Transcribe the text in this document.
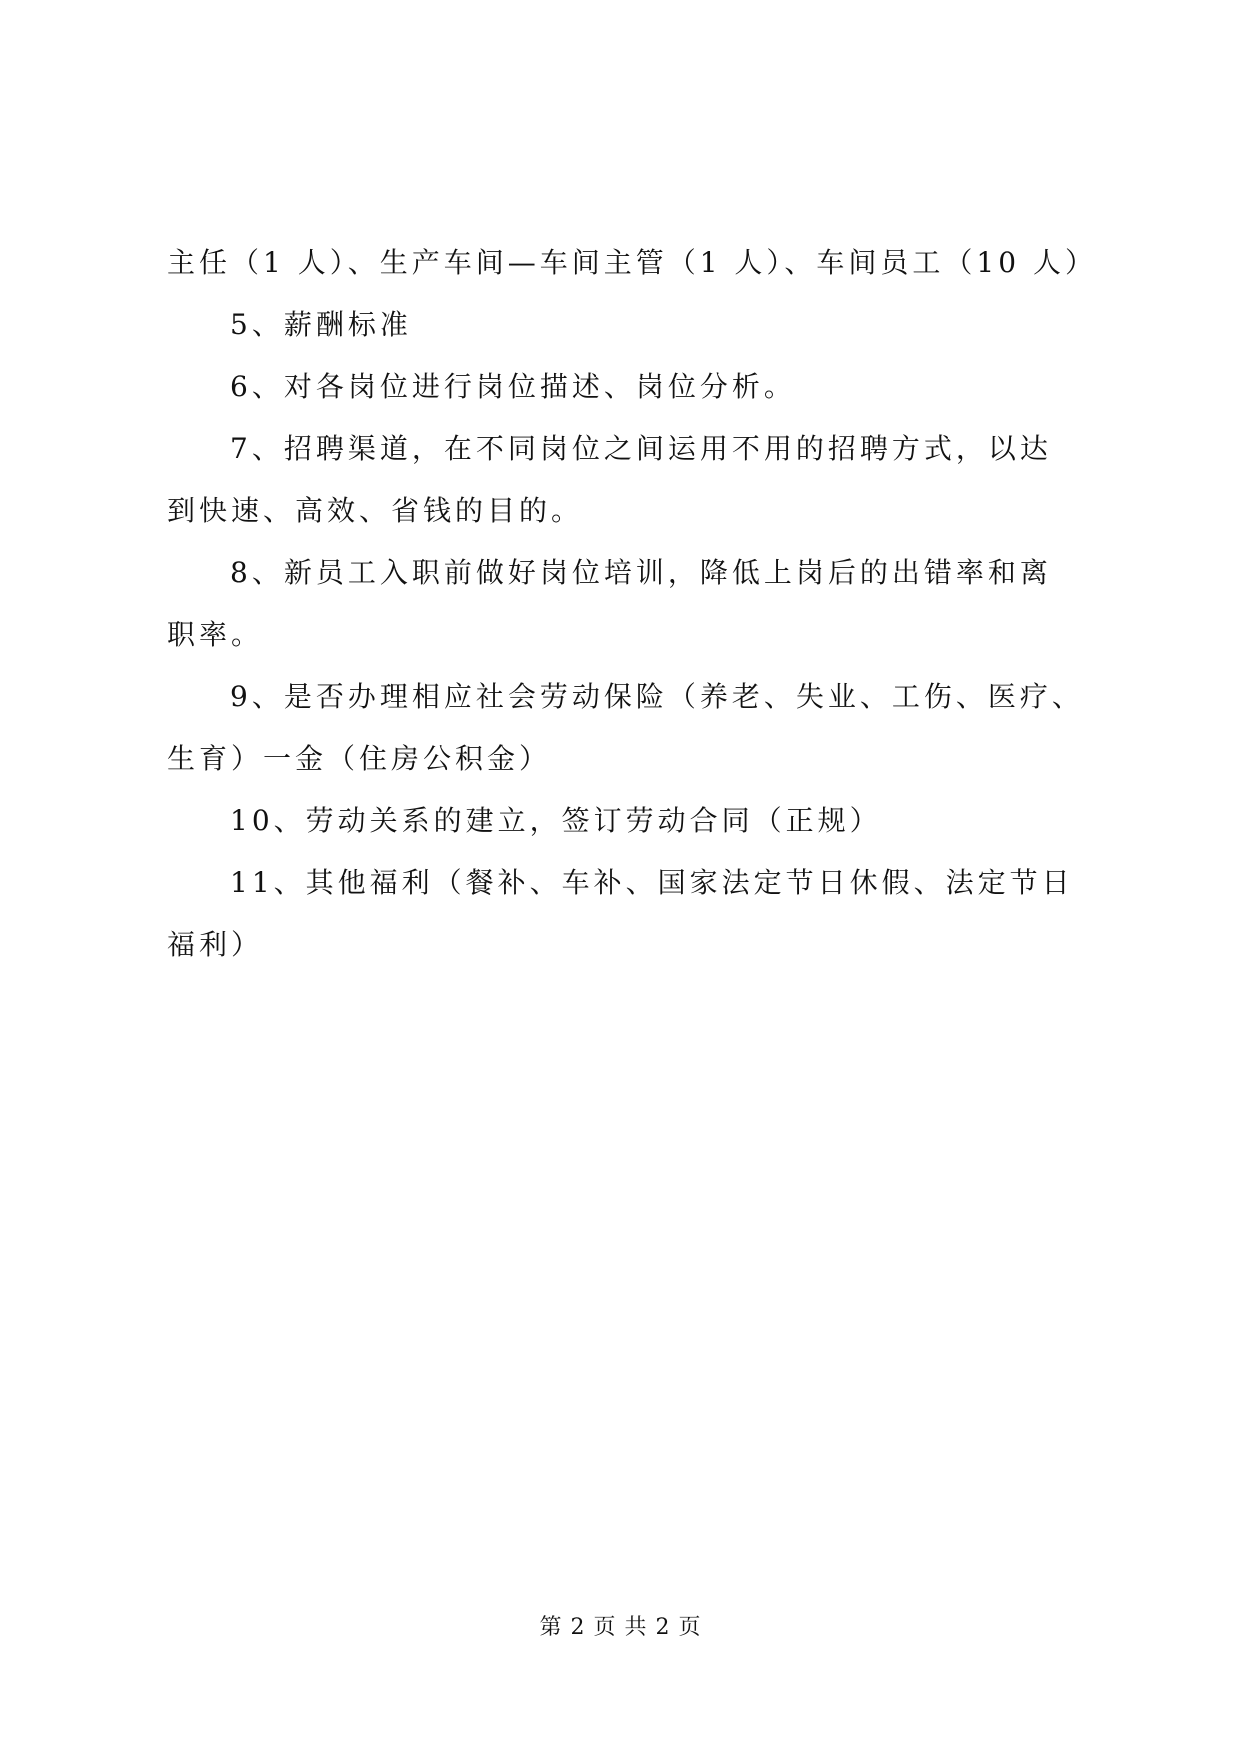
主任（1 人）、生产车间—车间主管（1 人）、车间员工（10 人）
5、薪酬标准
6、对各岗位进行岗位描述、岗位分析。
7、招聘渠道，在不同岗位之间运用不用的招聘方式，以达
到快速、高效、省钱的目的。
8、新员工入职前做好岗位培训，降低上岗后的出错率和离
职率。
9、是否办理相应社会劳动保险（养老、失业、工伤、医疗、
生育）一金（住房公积金）
10、劳动关系的建立，签订劳动合同（正规）
11、其他福利（餐补、车补、国家法定节日休假、法定节日
福利）
第 2 页 共 2 页
